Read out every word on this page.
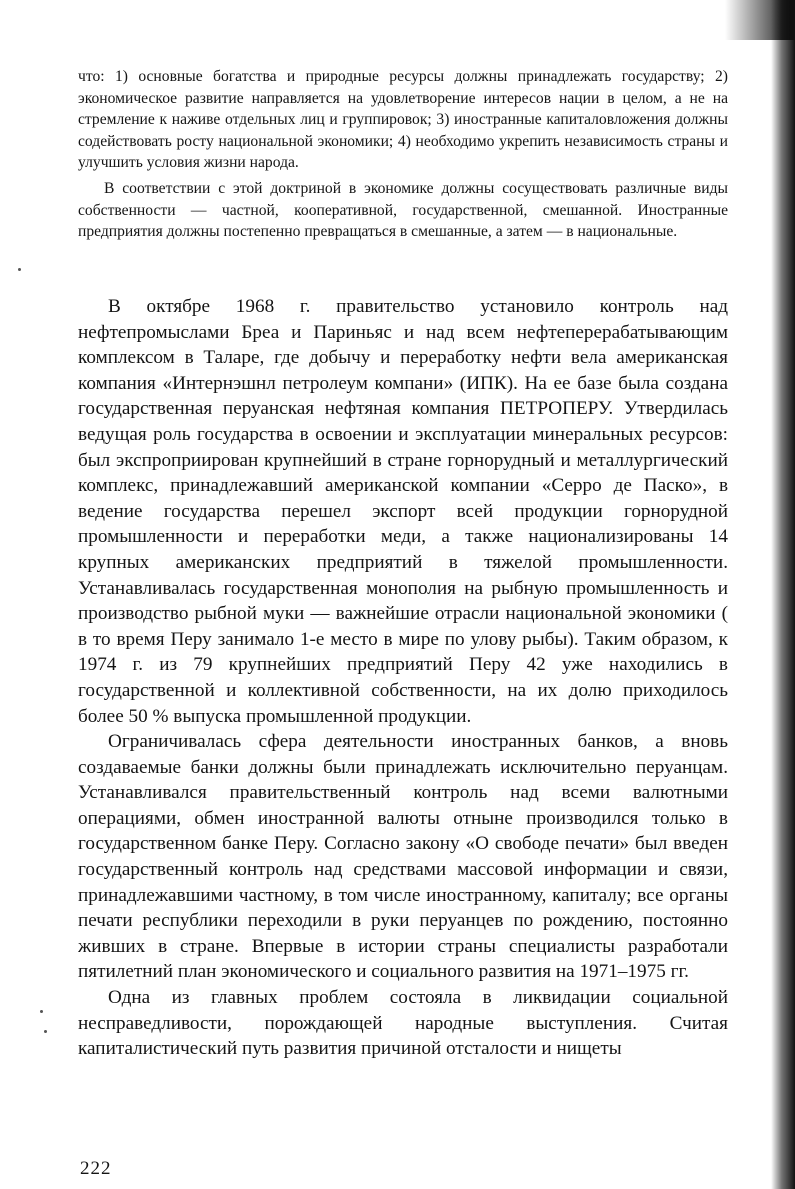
что: 1) основные богатства и природные ресурсы должны принадлежать государству; 2) экономическое развитие направляется на удовлетворение интересов нации в целом, а не на стремление к наживе отдельных лиц и группировок; 3) иностранные капиталовложения должны содействовать росту национальной экономики; 4) необходимо укрепить независимость страны и улучшить условия жизни народа.

В соответствии с этой доктриной в экономике должны сосуществовать различные виды собственности — частной, кооперативной, государственной, смешанной. Иностранные предприятия должны постепенно превращаться в смешанные, а затем — в национальные.

В октябре 1968 г. правительство установило контроль над нефтепромыслами Бреа и Париньяс и над всем нефтеперерабатывающим комплексом в Таларе, где добычу и переработку нефти вела американская компания «Интернэшнл петролеум компани» (ИПК). На ее базе была создана государственная перуанская нефтяная компания ПЕТРОПЕРУ. Утвердилась ведущая роль государства в освоении и эксплуатации минеральных ресурсов: был экспроприирован крупнейший в стране горнорудный и металлургический комплекс, принадлежавший американской компании «Серро де Паско», в ведение государства перешел экспорт всей продукции горнорудной промышленности и переработки меди, а также национализированы 14 крупных американских предприятий в тяжелой промышленности. Устанавливалась государственная монополия на рыбную промышленность и производство рыбной муки — важнейшие отрасли национальной экономики ( в то время Перу занимало 1-е место в мире по улову рыбы). Таким образом, к 1974 г. из 79 крупнейших предприятий Перу 42 уже находились в государственной и коллективной собственности, на их долю приходилось более 50 % выпуска промышленной продукции.

Ограничивалась сфера деятельности иностранных банков, а вновь создаваемые банки должны были принадлежать исключительно перуанцам. Устанавливался правительственный контроль над всеми валютными операциями, обмен иностранной валюты отныне производился только в государственном банке Перу. Согласно закону «О свободе печати» был введен государственный контроль над средствами массовой информации и связи, принадлежавшими частному, в том числе иностранному, капиталу; все органы печати республики переходили в руки перуанцев по рождению, постоянно живших в стране. Впервые в истории страны специалисты разработали пятилетний план экономического и социального развития на 1971–1975 гг.

Одна из главных проблем состояла в ликвидации социальной несправедливости, порождающей народные выступления. Считая капиталистический путь развития причиной отсталости и нищеты

222
